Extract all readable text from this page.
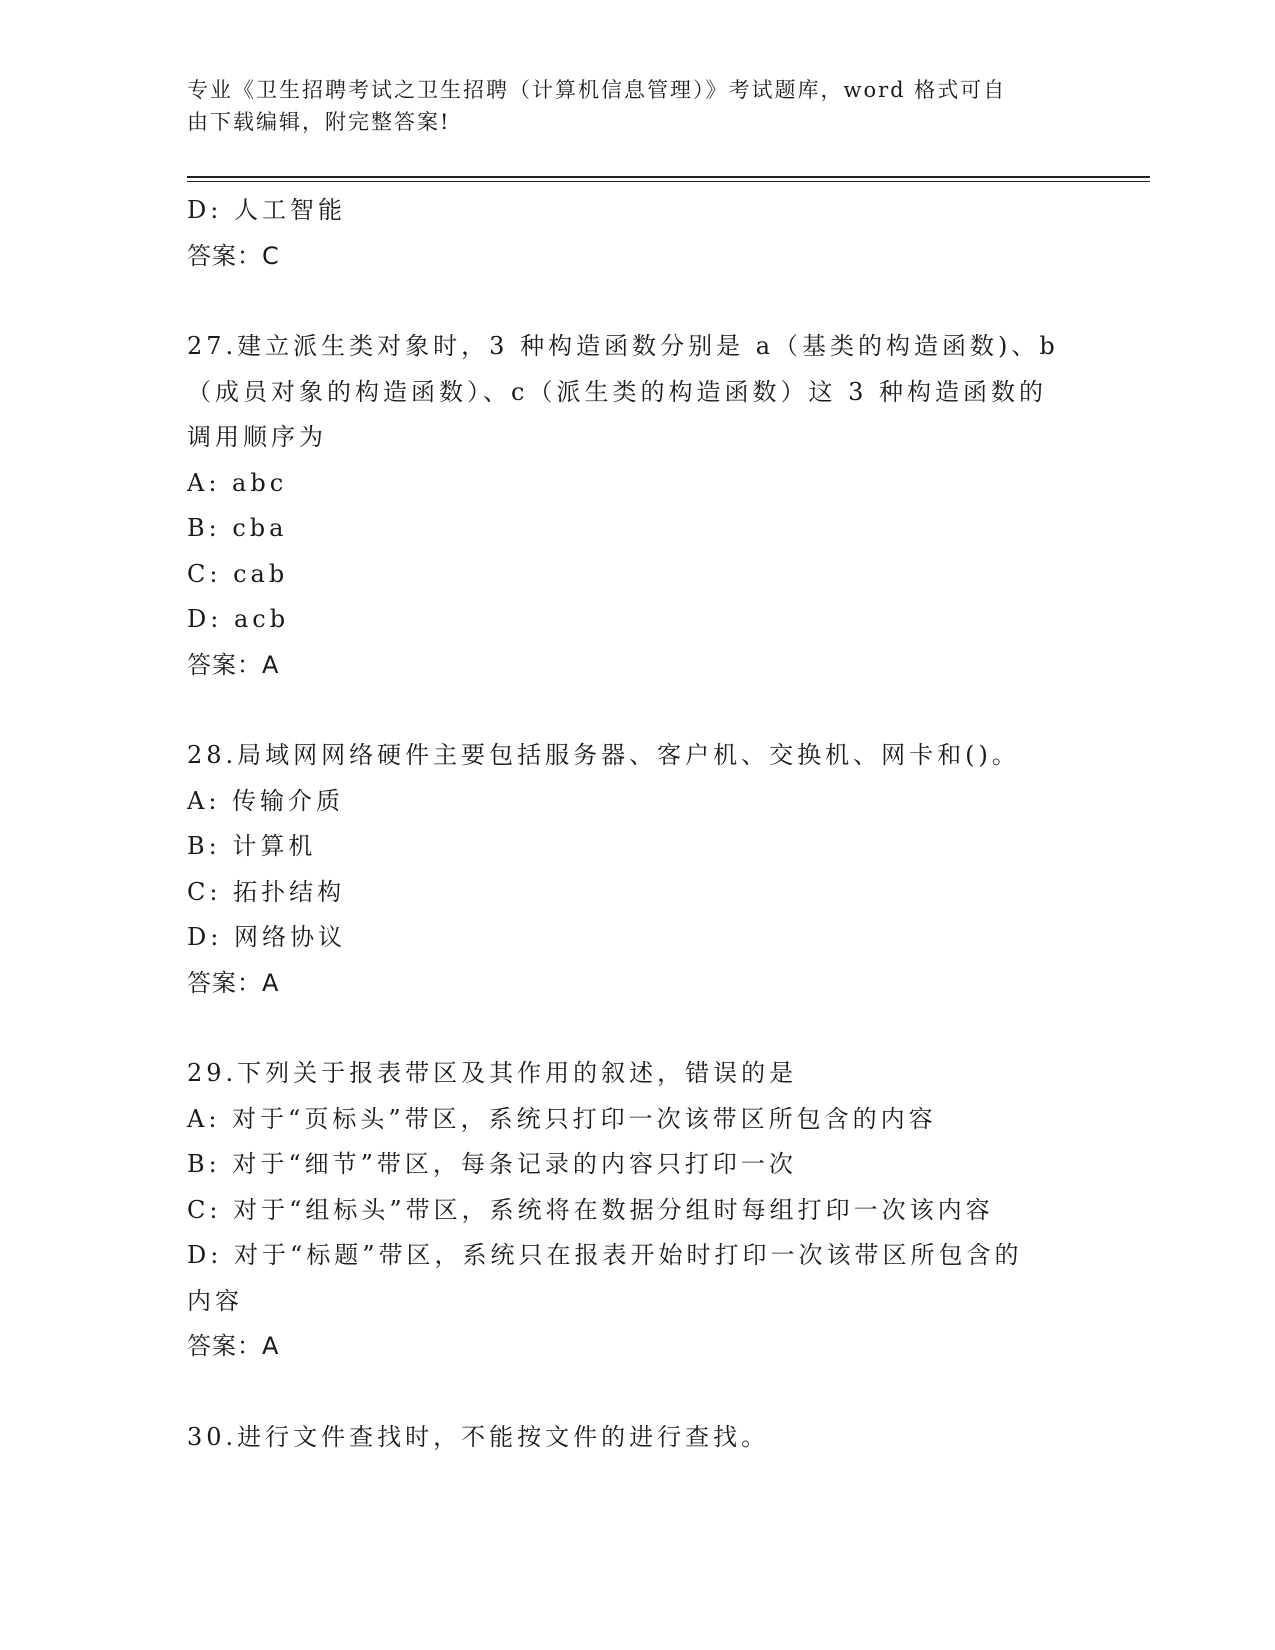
专业《卫生招聘考试之卫生招聘（计算机信息管理）》考试题库，word 格式可自
由下载编辑，附完整答案!
D: 人工智能
答案：C
27.建立派生类对象时，3 种构造函数分别是 a（基类的构造函数)、b
（成员对象的构造函数）、c（派生类的构造函数）这 3 种构造函数的
调用顺序为
A: abc
B: cba
C: cab
D: acb
答案：A
28.局域网网络硬件主要包括服务器、客户机、交换机、网卡和()。
A: 传输介质
B: 计算机
C: 拓扑结构
D: 网络协议
答案：A
29.下列关于报表带区及其作用的叙述，错误的是
A: 对于“页标头”带区，系统只打印一次该带区所包含的内容
B: 对于“细节”带区，每条记录的内容只打印一次
C: 对于“组标头”带区，系统将在数据分组时每组打印一次该内容
D: 对于“标题”带区，系统只在报表开始时打印一次该带区所包含的
内容
答案：A
30.进行文件查找时，不能按文件的进行查找。
